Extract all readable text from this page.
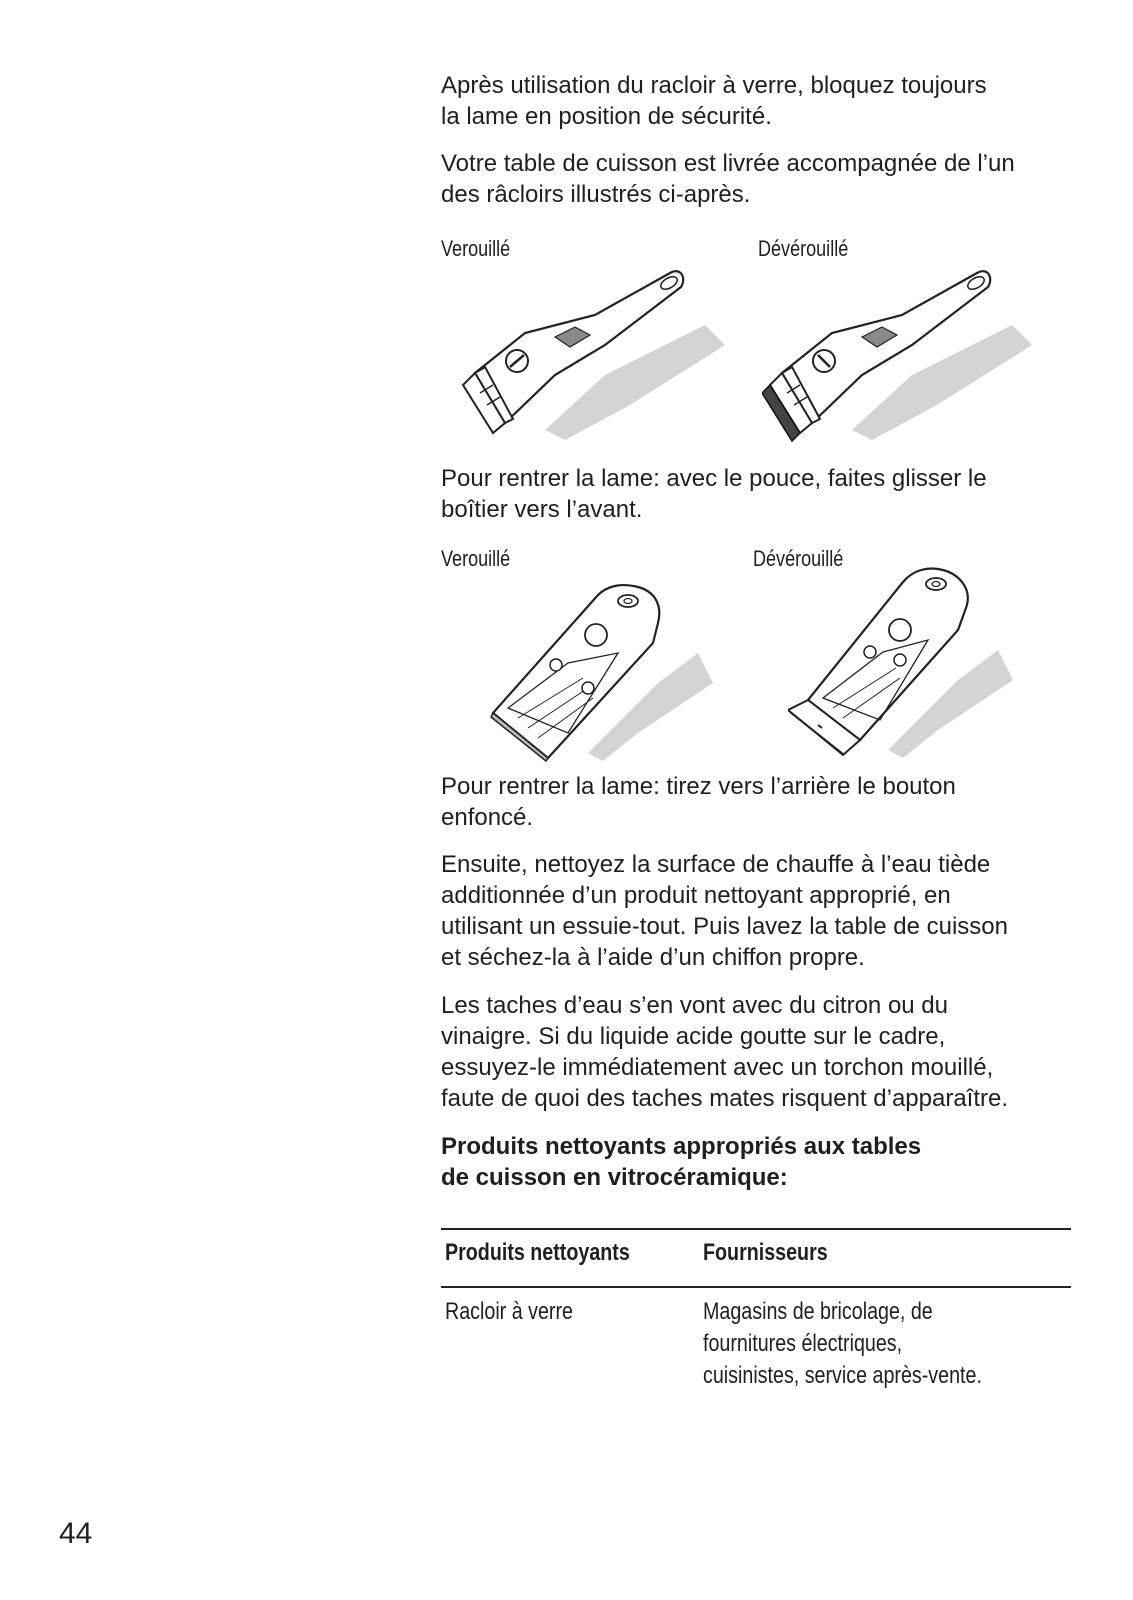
Après utilisation du racloir à verre, bloquez toujours
la lame en position de sécurité.

Votre table de cuisson est livrée accompagnée de l’un
des râcloirs illustrés ci-après.

Verouillé	Dévérouillé

Pour rentrer la lame: avec le pouce, faites glisser le
boîtier vers l’avant.

Verouillé	Dévérouillé

Pour rentrer la lame: tirez vers l’arrière le bouton
enfoncé.

Ensuite, nettoyez la surface de chauffe à l’eau tiède
additionnée d’un produit nettoyant approprié, en
utilisant un essuie-tout. Puis lavez la table de cuisson
et séchez-la à l’aide d’un chiffon propre.

Les taches d’eau s’en vont avec du citron ou du
vinaigre. Si du liquide acide goutte sur le cadre,
essuyez-le immédiatement avec un torchon mouillé,
faute de quoi des taches mates risquent d’apparaître.

Produits nettoyants appropriés aux tables
de cuisson en vitrocéramique:
Produits nettoyants	Fournisseurs
Racloir à verre	Magasins de bricolage, de
fournitures électriques,
cuisinistes, service après-vente.
44
